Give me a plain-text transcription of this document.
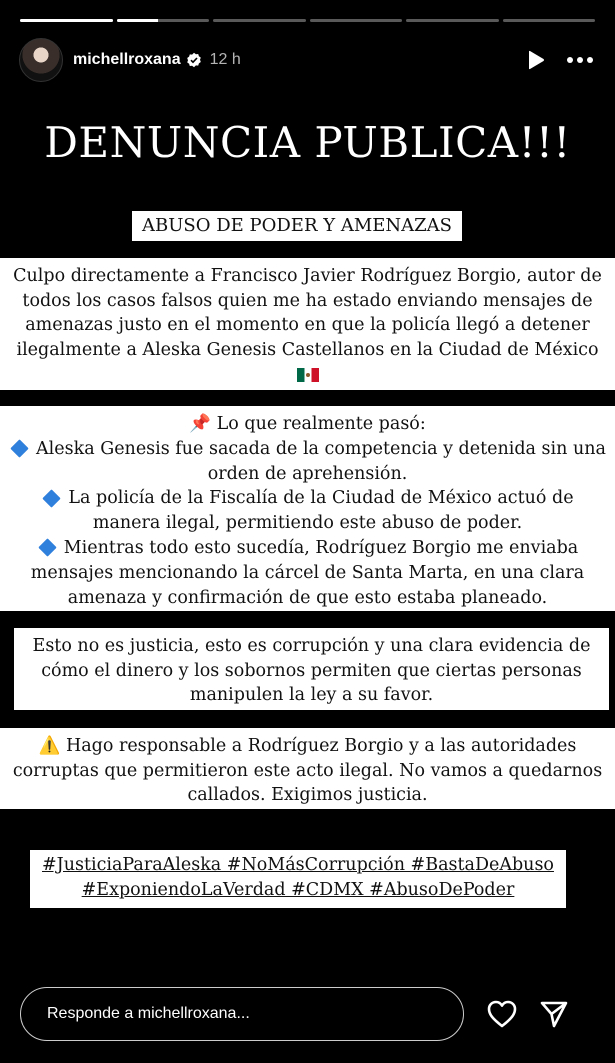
michellroxana 12 h
DENUNCIA PUBLICA!!!
ABUSO DE PODER Y AMENAZAS
Culpo directamente a Francisco Javier Rodríguez Borgio, autor de
todos los casos falsos quien me ha estado enviando mensajes de
amenazas justo en el momento en que la policía llegó a detener
ilegalmente a Aleska Genesis Castellanos en la Ciudad de México
📌 Lo que realmente pasó:
Aleska Genesis fue sacada de la competencia y detenida sin una
orden de aprehensión.
La policía de la Fiscalía de la Ciudad de México actuó de
manera ilegal, permitiendo este abuso de poder.
Mientras todo esto sucedía, Rodríguez Borgio me enviaba
mensajes mencionando la cárcel de Santa Marta, en una clara
amenaza y confirmación de que esto estaba planeado.
Esto no es justicia, esto es corrupción y una clara evidencia de
cómo el dinero y los sobornos permiten que ciertas personas
manipulen la ley a su favor.
⚠️ Hago responsable a Rodríguez Borgio y a las autoridades
corruptas que permitieron este acto ilegal. No vamos a quedarnos
callados. Exigimos justicia.
#JusticiaParaAleska #NoMásCorrupción #BastaDeAbuso
#ExponiendoLaVerdad #CDMX #AbusoDePoder
Responde a michellroxana...
